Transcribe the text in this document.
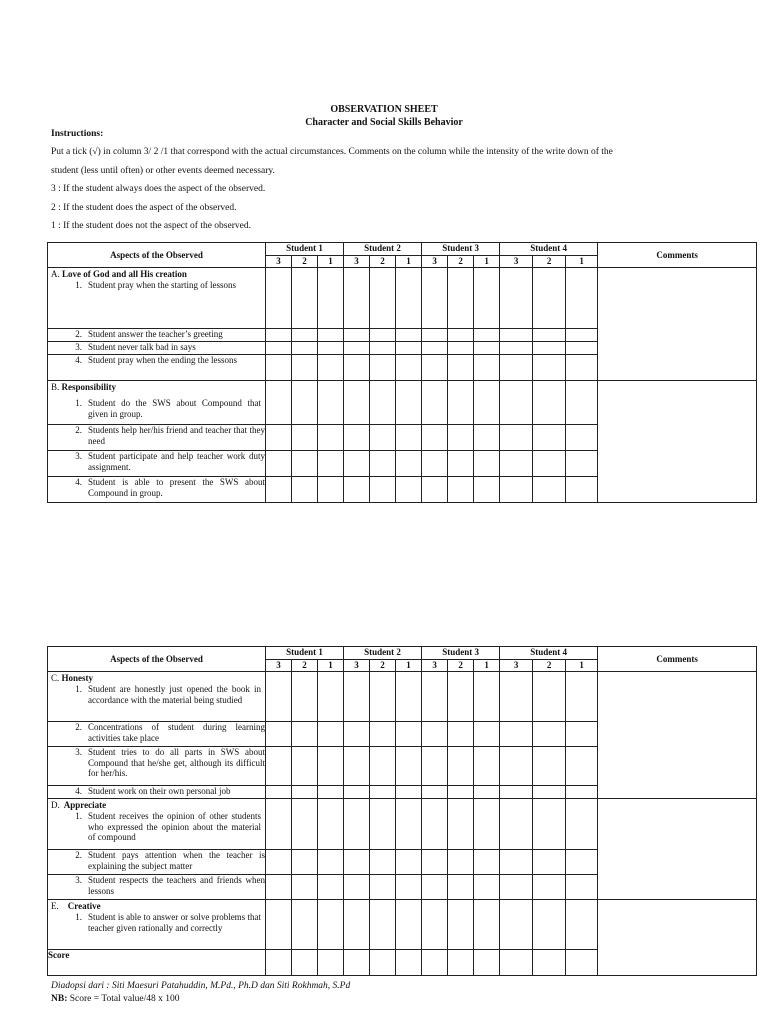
OBSERVATION SHEET
Character and Social Skills Behavior

Instructions:

Put a tick (√) in column 3/ 2 /1 that correspond with the actual circumstances. Comments on the column while the intensity of the write down of the

student (less until often) or other events deemed necessary.

3 : If the student always does the aspect of the observed.

2 : If the student does the aspect of the observed.

1 : If the student does not the aspect of the observed.

Aspects of the Observed	Student 1			Student 2			Student 3			Student 4			Comments
	3	2	1	3	2	1	3	2	1	3	2	1	

A. Love of God and all His creation
1. Student pray when the starting of lessons													

2. Student answer the teacher’s greeting													

3. Student never talk bad in says													

4. Student pray when the ending the lessons													

B. Responsibility
1. Student do the SWS about Compound that given in group.													

2. Students help her/his friend and teacher that they need													

3. Student participate and help teacher work duty assignment.													

4. Student is able to present the SWS about Compound in group.													

Aspects of the Observed	Student 1			Student 2			Student 3			Student 4			Comments
	3	2	1	3	2	1	3	2	1	3	2	1	

C. Honesty
1. Student are honestly just opened the book in accordance with the material being studied													

2. Concentrations of student during learning activities take place													

3. Student tries to do all parts in SWS about Compound that he/she get, although its difficult for her/his.													

4. Student work on their own personal job													

D. Appreciate
1. Student receives the opinion of other students who expressed the opinion about the material of compound													

2. Student pays attention when the teacher is explaining the subject matter													

3. Student respects the teachers and friends when lessons													

E. Creative
1. Student is able to answer or solve problems that teacher given rationally and correctly													

Score													
Diadopsi dari : Siti Maesuri Patahuddin, M.Pd., Ph.D dan Siti Rokhmah, S.Pd
NB: Score = Total value/48 x 100
